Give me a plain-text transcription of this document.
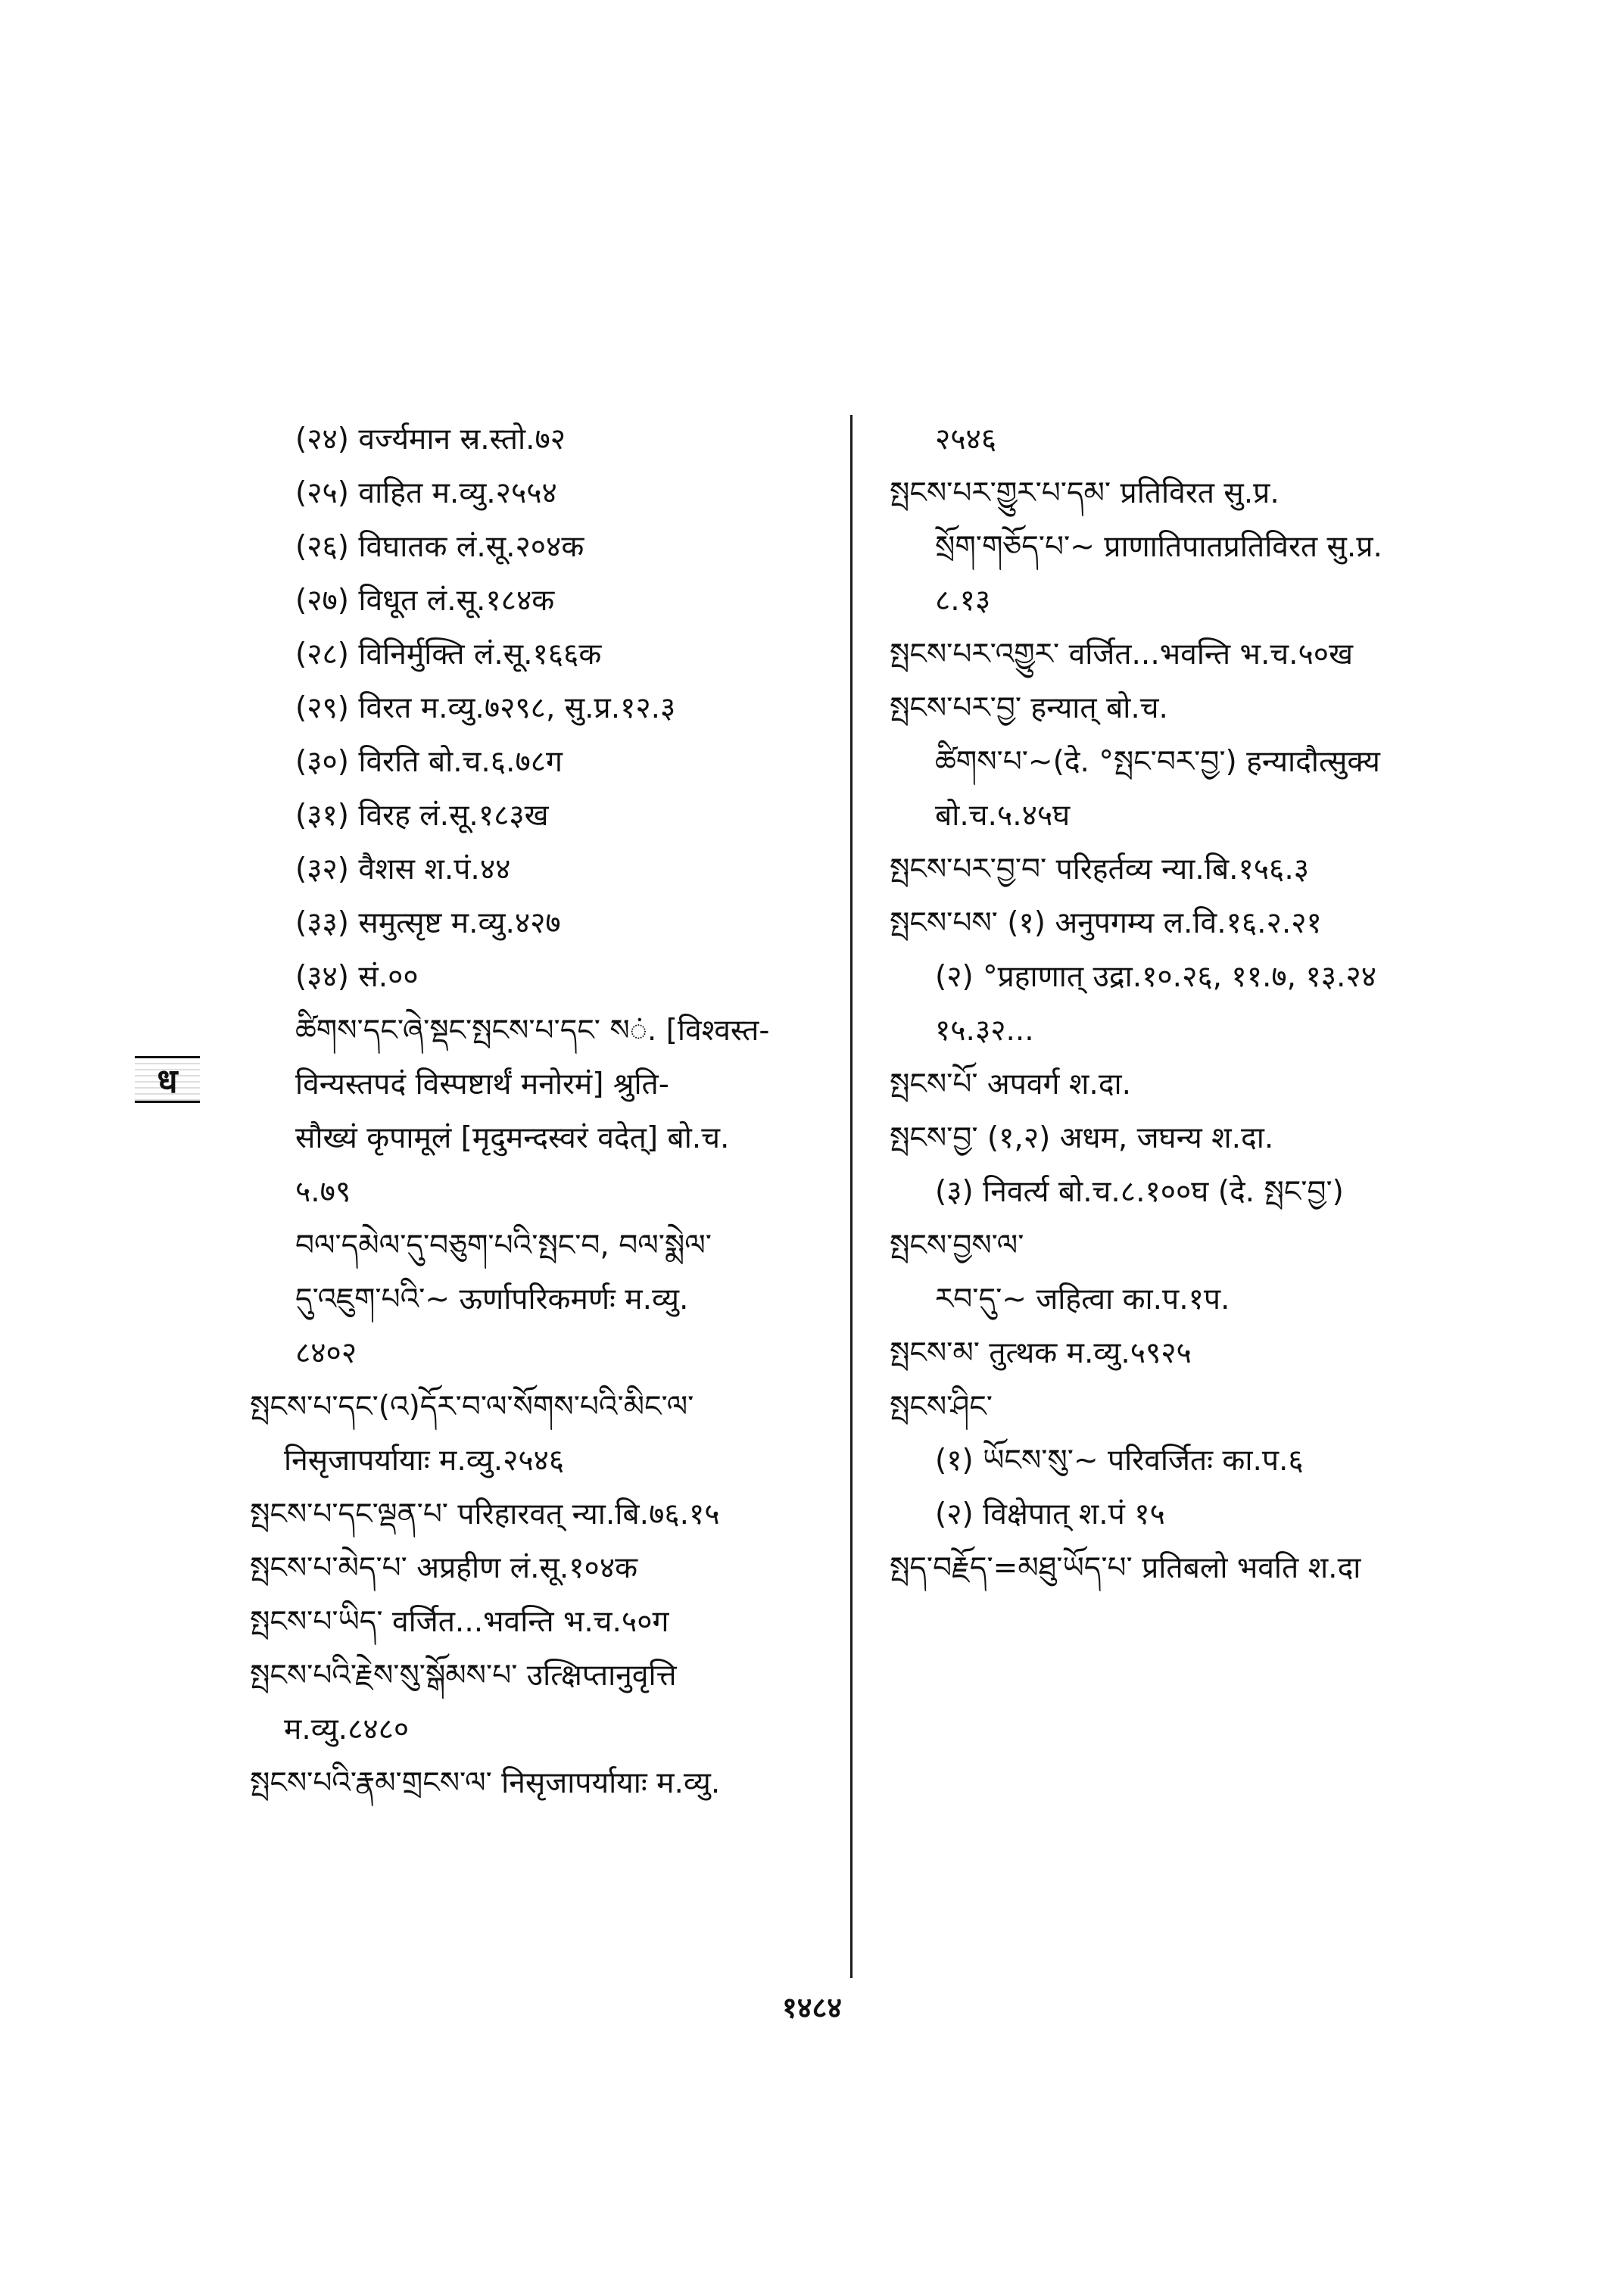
ध
(२४) वर्ज्यमान स्र.स्तो.७२
(२५) वाहित म.व्यु.२५५४
(२६) विघातक लं.सू.२०४क
(२७) विधूत लं.सू.१८४क
(२८) विनिर्मुक्ति लं.सू.१६६क
(२९) विरत म.व्यु.७२९८, सु.प्र.१२.३
(३०) विरति बो.च.६.७८ग
(३१) विरह लं.सू.१८३ख
(३२) वैशस श.पं.४४
(३३) समुत्सृष्ट म.व्यु.४२७
(३४) सं.००
ཚིགས་དང་ཞེ་སྡང་སྤངས་པ་དང་ སं. [विश्वस्त-
विन्यस्तपदं विस्पष्टार्थं मनोरमं] श्रुति-
सौख्यं कृपामूलं [मृदुमन्दस्वरं वदेत्] बो.च.
५.७९
བལ་དམེལ་དུ་བཅུག་པའི་སྤང་བ, བལ་སྨེལ་
དུ་འཇུག་པའི་~ ऊर्णापरिकमर्णः म.व्यु.
८४०२
སྤངས་པ་དང་(འ)དོར་བ་ལ་སོགས་པའི་མིང་ལ་
निसृजापर्यायाः म.व्यु.२५४६
སྤངས་པ་དང་ལྡན་པ་ परिहारवत् न्या.बि.७६.१५
སྤངས་པ་མེད་པ་ अप्रहीण लं.सू.१०४क
སྤངས་པ་ཡིད་ वर्जित...भवन्ति भ.च.५०ग
སྤངས་པའི་རྗེས་སུ་སྒོམས་པ་ उत्क्षिप्तानुवृत्ति
म.व्यु.८४८०
སྤངས་པའི་རྣམ་གྲངས་ལ་ निसृजापर्यायाः म.व्यु.
२५४६
སྤངས་པར་གྱུར་པ་དམ་ प्रतिविरत सु.प्र.
སྲོག་གཅོད་པ་~ प्राणातिपातप्रतिविरत सु.प्र.
८.१३
སྤངས་པར་འགྱུར་ वर्जित...भवन्ति भ.च.५०ख
སྤངས་པར་བྱ་ हन्यात् बो.च.
ཚིགས་པ་~(दे. °སྤང་བར་བྱ་) हन्यादौत्सुक्य
बो.च.५.४५घ
སྤངས་པར་བྱ་བ་ परिहर्तव्य न्या.बि.१५६.३
སྤངས་པས་ (१) अनुपगम्य ल.वि.१६.२.२१
(२) °प्रहाणात् उद्रा.१०.२६, ११.७, १३.२४
१५.३२...
སྤངས་པོ་ अपवर्ग श.दा.
སྤངས་བྱ་ (१,२) अधम, जघन्य श.दा.
(३) निवर्त्य बो.च.८.१००घ (दे. སྤང་བྱ་)
སྤངས་བྱས་ལ་
རབ་དུ་~ जहित्वा का.प.१प.
སྤངས་མ་ तुत्थक म.व्यु.५९२५
སྤངས་ཤིང་
(१) ཡོངས་སུ་~ परिवर्जितः का.प.६
(२) विक्षेपात् श.पं १५
སྤད་བརྗོད་=མཐུ་ཡོད་པ་ प्रतिबलो भवति श.दा
१४८४
